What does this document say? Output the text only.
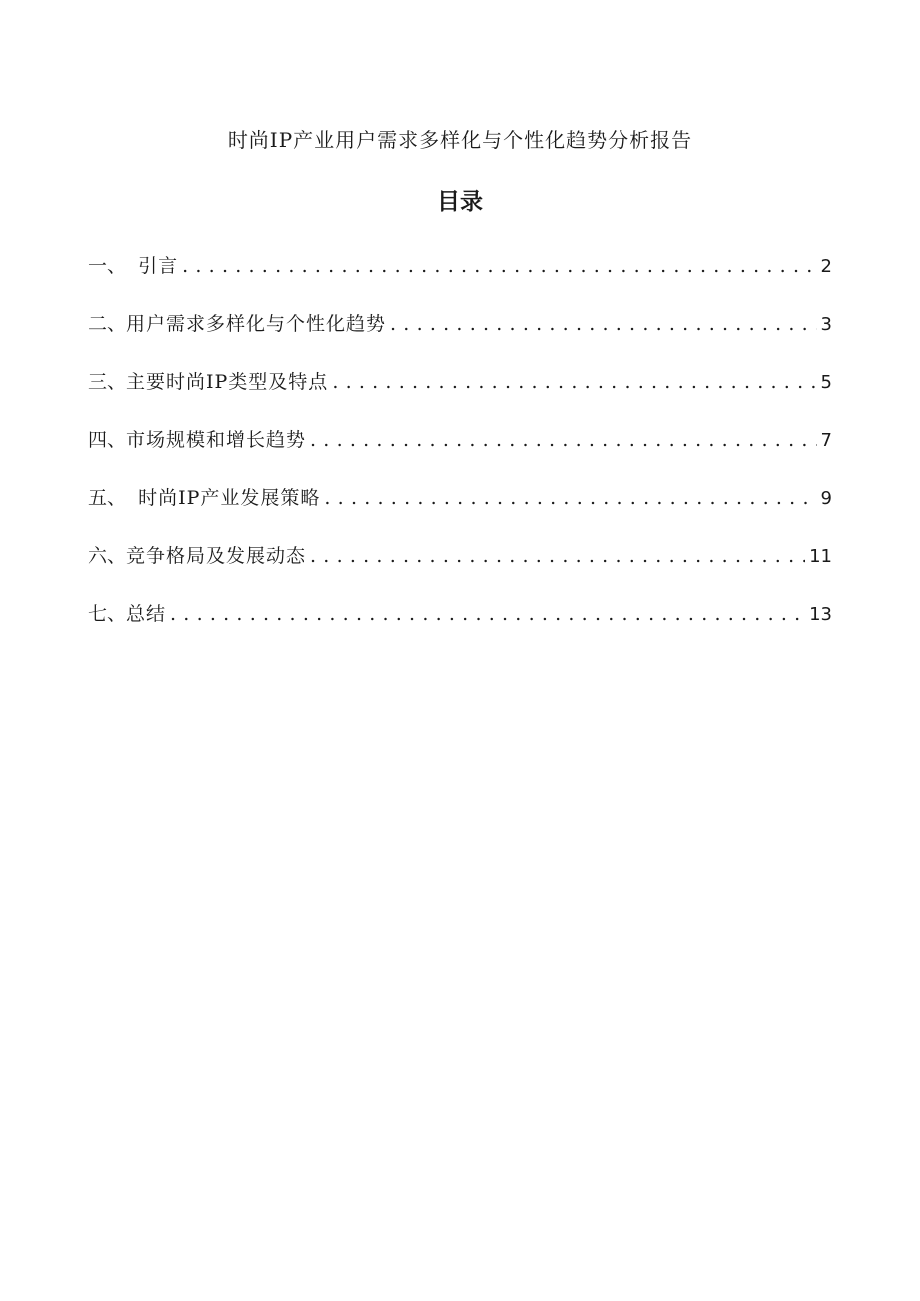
时尚IP产业用户需求多样化与个性化趋势分析报告
目录
一、 引言 . . .	2
二、 用户需求多样化与个性化趋势 . . .	3
三、 主要时尚IP类型及特点 . . .	5
四、 市场规模和增长趋势 . . .	7
五、 时尚IP产业发展策略 . . .	9
六、 竞争格局及发展动态 . . .	11
七、 总结 . . .	13
